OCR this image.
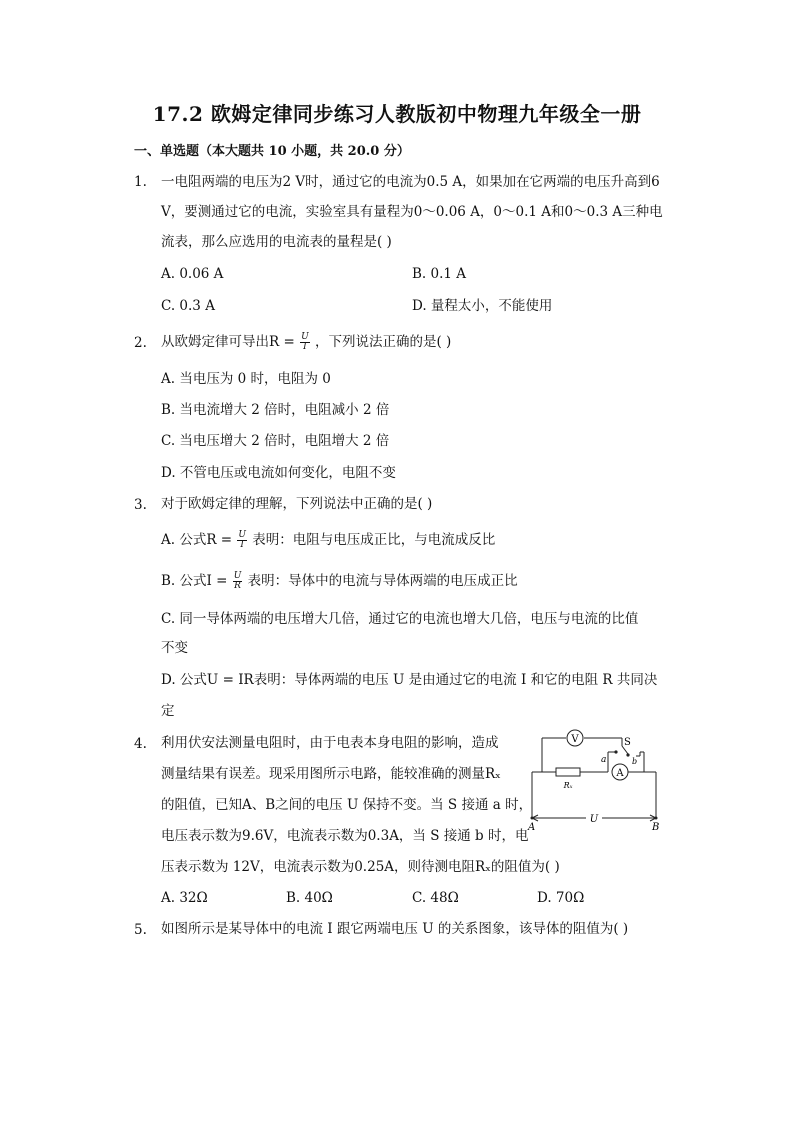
17.2 欧姆定律同步练习人教版初中物理九年级全一册
一、单选题（本大题共 10 小题，共 20.0 分）
1. 一电阻两端的电压为2 V时，通过它的电流为0.5 A，如果加在它两端的电压升高到6
V，要测通过它的电流，实验室具有量程为0～0.06 A，0～0.1 A和0～0.3 A三种电
流表，那么应选用的电流表的量程是( )
A. 0.06 A	B. 0.1 A
C. 0.3 A	D. 量程太小，不能使用
2. 从欧姆定律可导出$R = \frac{U}{I}$ ，下列说法正确的是( )
A. 当电压为 0 时，电阻为 0
B. 当电流增大 2 倍时，电阻减小 2 倍
C. 当电压增大 2 倍时，电阻增大 2 倍
D. 不管电压或电流如何变化，电阻不变
3. 对于欧姆定律的理解，下列说法中正确的是( )
A. 公式$R = \frac{U}{I}$ 表明：电阻与电压成正比，与电流成反比
B. 公式$I = \frac{U}{R}$ 表明：导体中的电流与导体两端的电压成正比
C. 同一导体两端的电压增大几倍，通过它的电流也增大几倍，电压与电流的比值
不变
D. 公式U = IR表明：导体两端的电压 U 是由通过它的电流 I 和它的电阻 R 共同决
定
4. 利用伏安法测量电阻时，由于电表本身电阻的影响，造成
测量结果有误差。现采用图所示电路，能较准确的测量Rₓ
的阻值，已知A、B之间的电压 U 保持不变。当 S 接通 a 时，
电压表示数为9.6V，电流表示数为0.3A，当 S 接通 b 时，电
压表示数为 12V，电流表示数为0.25A，则待测电阻Rₓ的阻值为( )
A. 32Ω	B. 40Ω	C. 48Ω	D. 70Ω
V
Rₓ
A
S
a	b
A	B
U
5. 如图所示是某导体中的电流 I 跟它两端电压 U 的关系图象，该导体的阻值为( )
